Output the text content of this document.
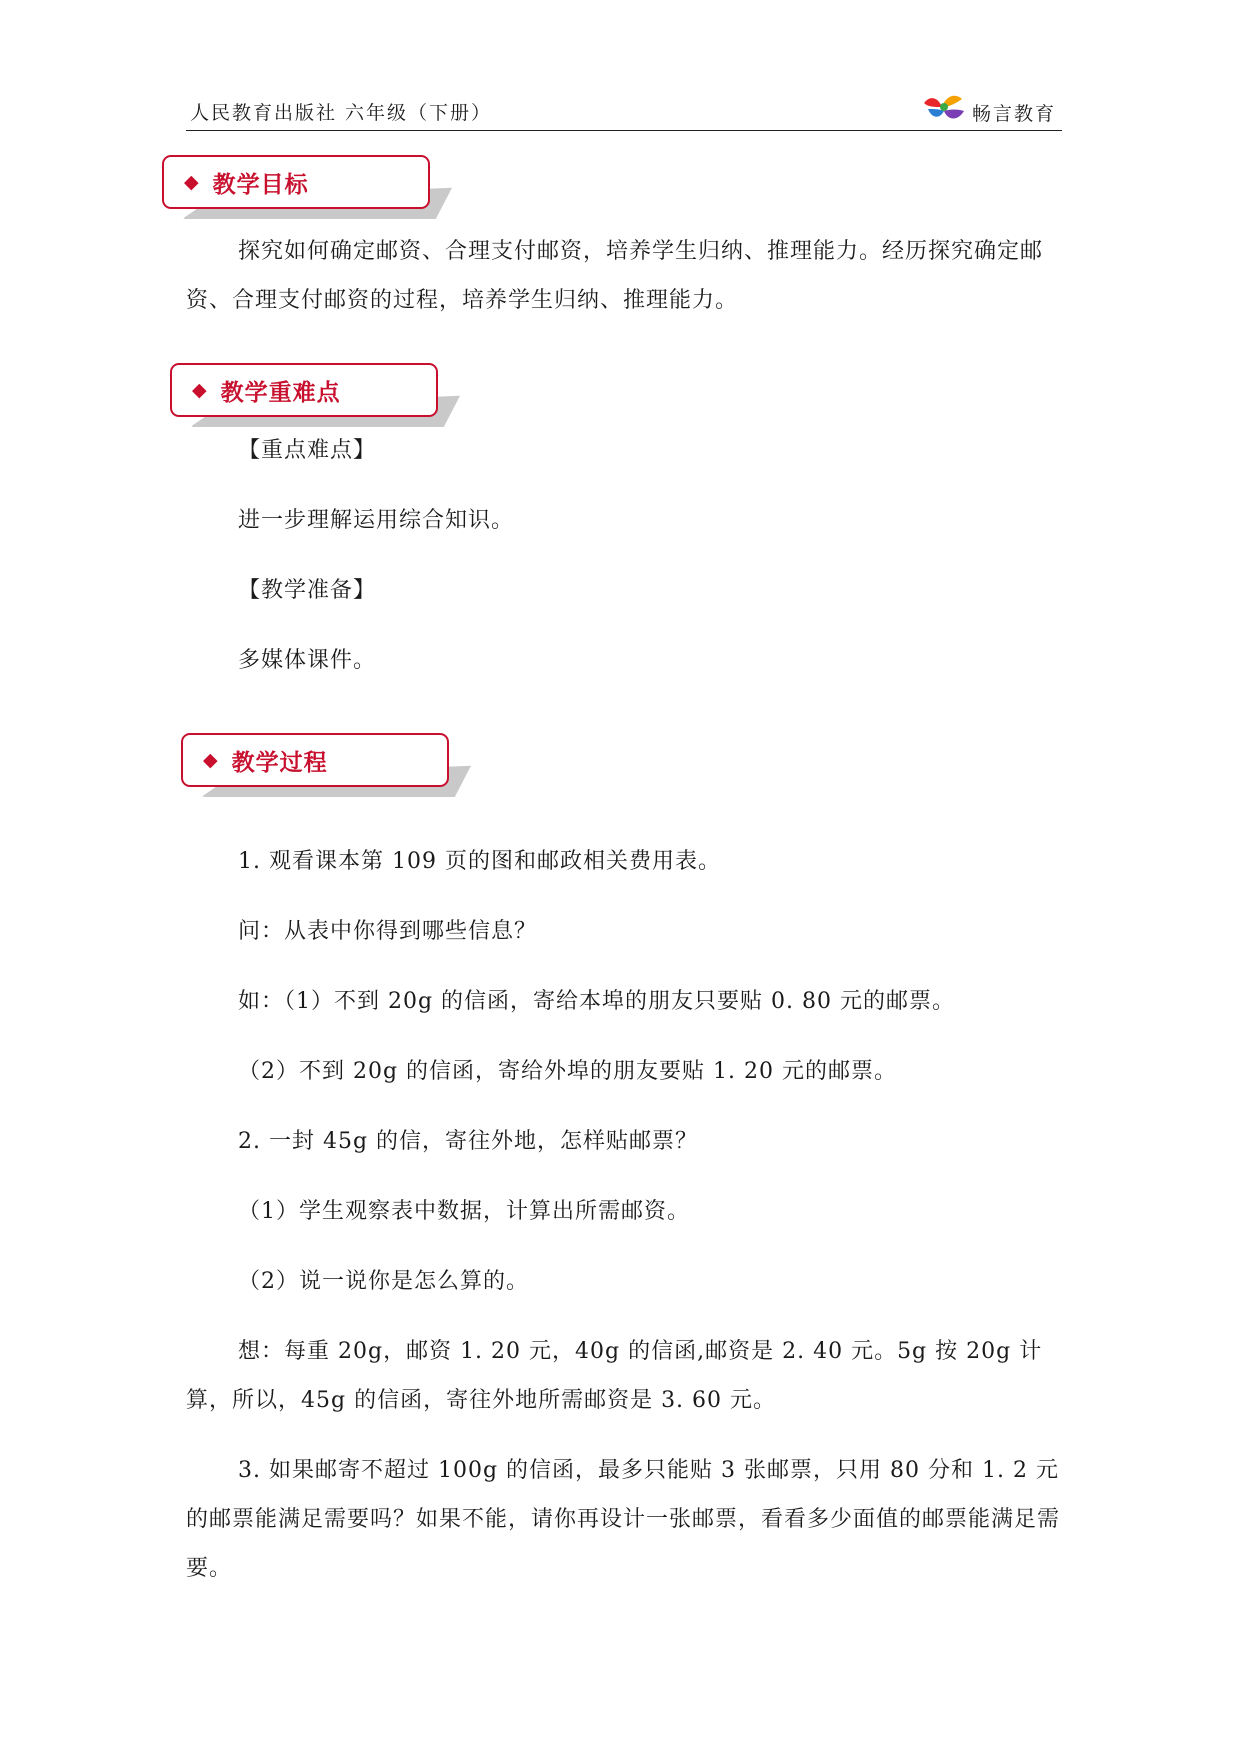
人民教育出版社 六年级（下册）	畅言教育
◆ 教学目标
探究如何确定邮资、合理支付邮资，培养学生归纳、推理能力。经历探究确定邮资、合理支付邮资的过程，培养学生归纳、推理能力。
◆ 教学重难点
【重点难点】
进一步理解运用综合知识。
【教学准备】
多媒体课件。
◆ 教学过程
1. 观看课本第 109 页的图和邮政相关费用表。
问：从表中你得到哪些信息？
如：（1）不到 20g 的信函，寄给本埠的朋友只要贴 0. 80 元的邮票。
（2）不到 20g 的信函，寄给外埠的朋友要贴 1. 20 元的邮票。
2. 一封 45g 的信，寄往外地，怎样贴邮票？
（1）学生观察表中数据，计算出所需邮资。
（2）说一说你是怎么算的。
想：每重 20g，邮资 1. 20 元，40g 的信函,邮资是 2. 40 元。5g 按 20g 计算，所以，45g 的信函，寄往外地所需邮资是 3. 60 元。
3. 如果邮寄不超过 100g 的信函，最多只能贴 3 张邮票，只用 80 分和 1. 2 元的邮票能满足需要吗？如果不能，请你再设计一张邮票，看看多少面值的邮票能满足需要。
